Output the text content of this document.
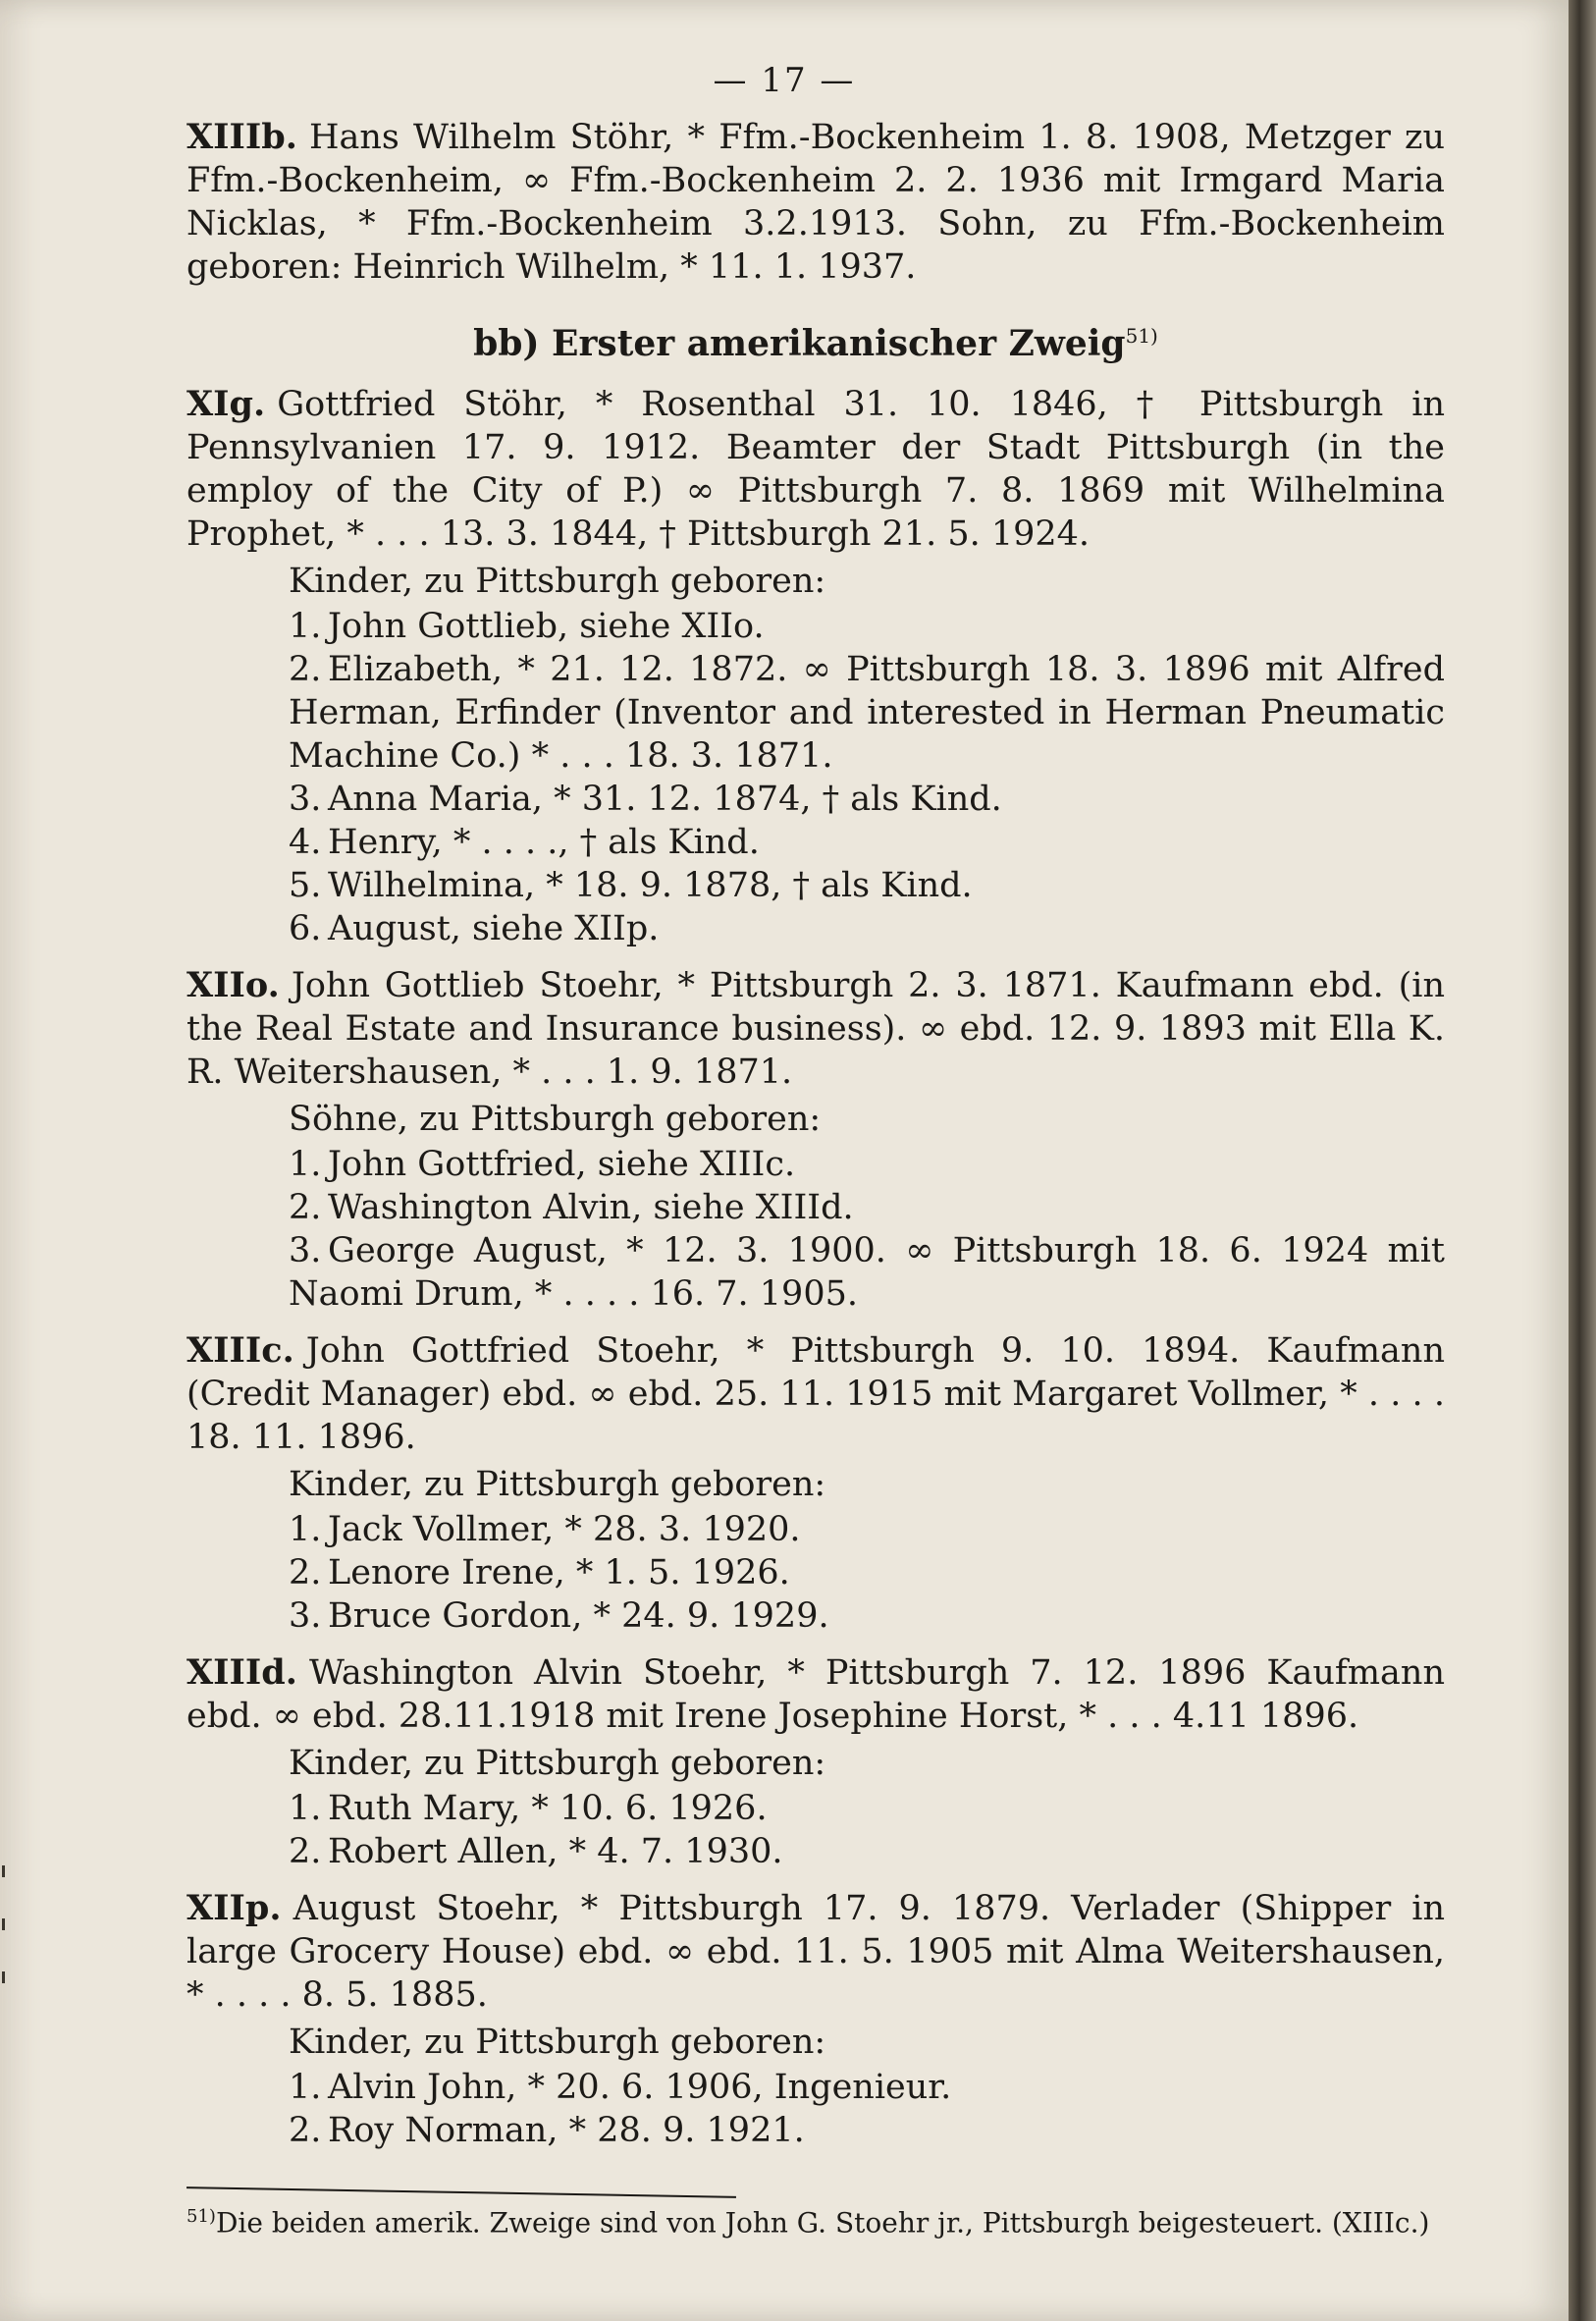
— 17 —

XIIIb. Hans Wilhelm Stöhr, * Ffm.-Bockenheim 1. 8. 1908, Metzger zu Ffm.-Bockenheim, ∞ Ffm.-Bockenheim 2. 2. 1936 mit Irmgard Maria Nicklas, * Ffm.-Bockenheim 3.2.1913. Sohn, zu Ffm.-Bockenheim geboren: Heinrich Wilhelm, * 11. 1. 1937.

bb) Erster amerikanischer Zweig$^{51)}$

XIg. Gottfried Stöhr, * Rosenthal 31. 10. 1846, † Pittsburgh in Pennsylvanien 17. 9. 1912. Beamter der Stadt Pittsburgh (in the employ of the City of P.) ∞ Pittsburgh 7. 8. 1869 mit Wilhelmina Prophet, * . . . 13. 3. 1844, † Pittsburgh 21. 5. 1924.

Kinder, zu Pittsburgh geboren:
1. John Gottlieb, siehe XIIo.
2. Elizabeth, * 21. 12. 1872. ∞ Pittsburgh 18. 3. 1896 mit Alfred Herman, Erfinder (Inventor and interested in Herman Pneumatic Machine Co.) * . . . 18. 3. 1871.
3. Anna Maria, * 31. 12. 1874, † als Kind.
4. Henry, * . . . ., † als Kind.
5. Wilhelmina, * 18. 9. 1878, † als Kind.
6. August, siehe XIIp.

XIIo. John Gottlieb Stoehr, * Pittsburgh 2. 3. 1871. Kaufmann ebd. (in the Real Estate and Insurance business). ∞ ebd. 12. 9. 1893 mit Ella K. R. Weitershausen, * . . . 1. 9. 1871.

Söhne, zu Pittsburgh geboren:
1. John Gottfried, siehe XIIIc.
2. Washington Alvin, siehe XIIId.
3. George August, * 12. 3. 1900. ∞ Pittsburgh 18. 6. 1924 mit Naomi Drum, * . . . . 16. 7. 1905.

XIIIc. John Gottfried Stoehr, * Pittsburgh 9. 10. 1894. Kaufmann (Credit Manager) ebd. ∞ ebd. 25. 11. 1915 mit Margaret Vollmer, * . . . . 18. 11. 1896.

Kinder, zu Pittsburgh geboren:
1. Jack Vollmer, * 28. 3. 1920.
2. Lenore Irene, * 1. 5. 1926.
3. Bruce Gordon, * 24. 9. 1929.

XIIId. Washington Alvin Stoehr, * Pittsburgh 7. 12. 1896 Kaufmann ebd. ∞ ebd. 28.11.1918 mit Irene Josephine Horst, * . . . 4.11 1896.

Kinder, zu Pittsburgh geboren:
1. Ruth Mary, * 10. 6. 1926.
2. Robert Allen, * 4. 7. 1930.

XIIp. August Stoehr, * Pittsburgh 17. 9. 1879. Verlader (Shipper in large Grocery House) ebd. ∞ ebd. 11. 5. 1905 mit Alma Weitershausen, * . . . . 8. 5. 1885.

Kinder, zu Pittsburgh geboren:
1. Alvin John, * 20. 6. 1906, Ingenieur.
2. Roy Norman, * 28. 9. 1921.
$^{51)}$Die beiden amerik. Zweige sind von John G. Stoehr jr., Pittsburgh beigesteuert. (XIIIc.)
